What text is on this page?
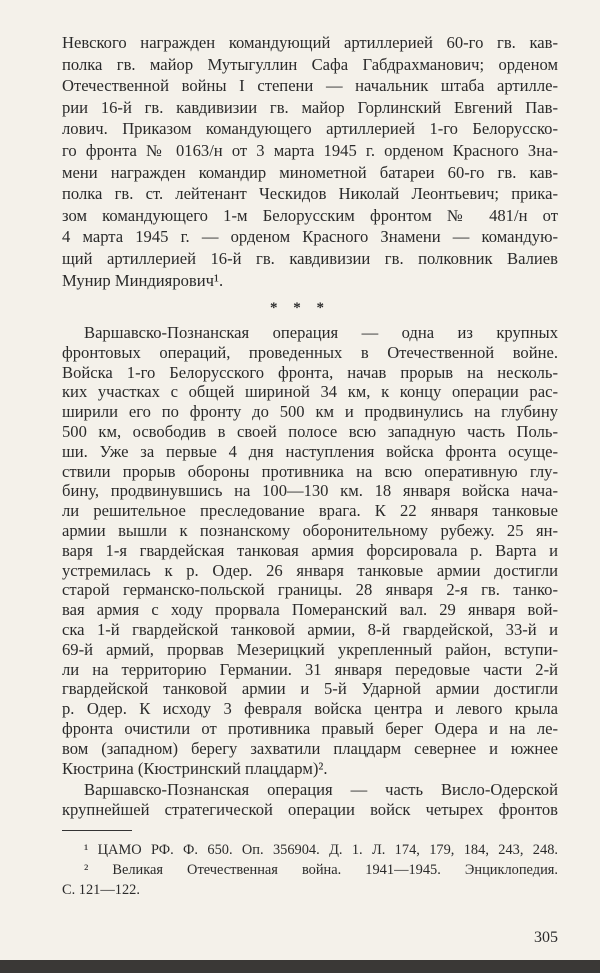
Невского награжден командующий артиллерией 60-го гв. кав-
полка гв. майор Мутыгуллин Сафа Габдрахманович; орденом
Отечественной войны I степени — начальник штаба артилле-
рии 16-й гв. кавдивизии гв. майор Горлинский Евгений Пав-
лович. Приказом командующего артиллерией 1-го Белорусско-
го фронта № 0163/н от 3 марта 1945 г. орденом Красного Зна-
мени награжден командир минометной батареи 60-го гв. кав-
полка гв. ст. лейтенант Ческидов Николай Леонтьевич; прика-
зом командующего 1-м Белорусским фронтом № 481/н от
4 марта 1945 г. — орденом Красного Знамени — командую-
щий артиллерией 16-й гв. кавдивизии гв. полковник Валиев
Мунир Миндиярович¹.
* * *
Варшавско-Познанская операция — одна из крупных
фронтовых операций, проведенных в Отечественной войне.
Войска 1-го Белорусского фронта, начав прорыв на несколь-
ких участках с общей шириной 34 км, к концу операции рас-
ширили его по фронту до 500 км и продвинулись на глубину
500 км, освободив в своей полосе всю западную часть Поль-
ши. Уже за первые 4 дня наступления войска фронта осуще-
ствили прорыв обороны противника на всю оперативную глу-
бину, продвинувшись на 100—130 км. 18 января войска нача-
ли решительное преследование врага. К 22 января танковые
армии вышли к познанскому оборонительному рубежу. 25 ян-
варя 1-я гвардейская танковая армия форсировала р. Варта и
устремилась к р. Одер. 26 января танковые армии достигли
старой германско-польской границы. 28 января 2-я гв. танко-
вая армия с ходу прорвала Померанский вал. 29 января вой-
ска 1-й гвардейской танковой армии, 8-й гвардейской, 33-й и
69-й армий, прорвав Мезерицкий укрепленный район, вступи-
ли на территорию Германии. 31 января передовые части 2-й
гвардейской танковой армии и 5-й Ударной армии достигли
р. Одер. К исходу 3 февраля войска центра и левого крыла
фронта очистили от противника правый берег Одера и на ле-
вом (западном) берегу захватили плацдарм севернее и южнее
Кюстрина (Кюстринский плацдарм)².
Варшавско-Познанская операция — часть Висло-Одерской
крупнейшей стратегической операции войск четырех фронтов
¹ ЦАМО РФ. Ф. 650. Оп. 356904. Д. 1. Л. 174, 179, 184, 243, 248.
² Великая Отечественная война. 1941—1945. Энциклопедия.
С. 121—122.
305
